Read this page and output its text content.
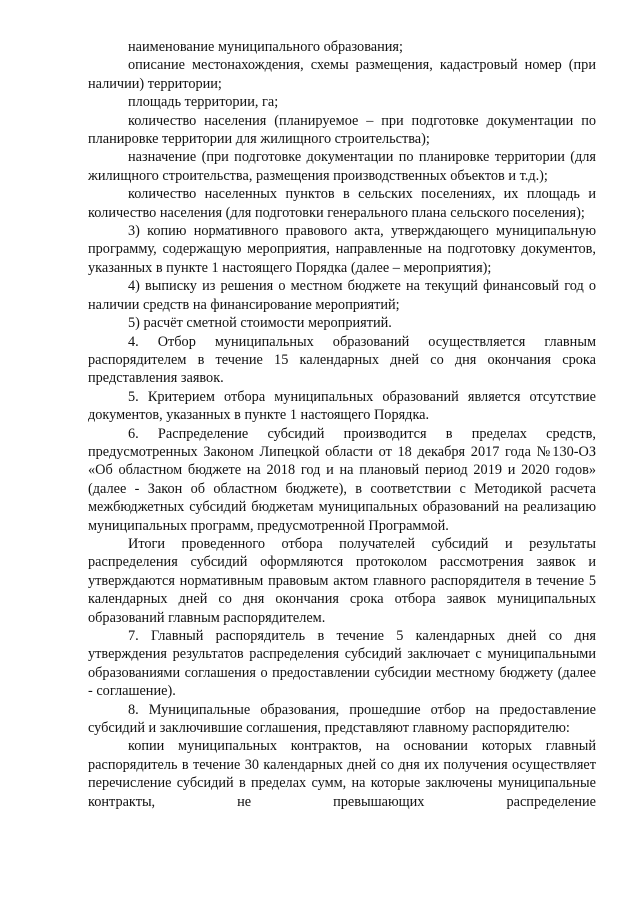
наименование муниципального образования;

описание местонахождения, схемы размещения, кадастровый номер (при наличии) территории;

площадь территории, га;

количество населения (планируемое – при подготовке документации по планировке территории для жилищного строительства);

назначение (при подготовке документации по планировке территории (для жилищного строительства, размещения производственных объектов и т.д.);

количество населенных пунктов в сельских поселениях, их площадь и количество населения (для подготовки генерального плана сельского поселения);

3) копию нормативного правового акта, утверждающего муниципальную программу, содержащую мероприятия, направленные на подготовку документов, указанных в пункте 1 настоящего Порядка (далее – мероприятия);

4) выписку из решения о местном бюджете на текущий финансовый год о наличии средств на финансирование мероприятий;

5) расчёт сметной стоимости мероприятий.

4. Отбор муниципальных образований осуществляется главным распорядителем в течение 15 календарных дней со дня окончания срока представления заявок.

5. Критерием отбора муниципальных образований является отсутствие документов, указанных в пункте 1 настоящего Порядка.

6. Распределение субсидий производится в пределах средств, предусмотренных Законом Липецкой области от 18 декабря 2017 года №130-ОЗ «Об областном бюджете на 2018 год и на плановый период 2019 и 2020 годов» (далее - Закон об областном бюджете), в соответствии с Методикой расчета межбюджетных субсидий бюджетам муниципальных образований на реализацию муниципальных программ, предусмотренной Программой.

Итоги проведенного отбора получателей субсидий и результаты распределения субсидий оформляются протоколом рассмотрения заявок и утверждаются нормативным правовым актом главного распорядителя в течение 5 календарных дней со дня окончания срока отбора заявок муниципальных образований главным распорядителем.

7. Главный распорядитель в течение 5 календарных дней со дня утверждения результатов распределения субсидий заключает с муниципальными образованиями соглашения о предоставлении субсидии местному бюджету (далее - соглашение).

8. Муниципальные образования, прошедшие отбор на предоставление субсидий и заключившие соглашения, представляют главному распорядителю:

копии муниципальных контрактов, на основании которых главный распорядитель в течение 30 календарных дней со дня их получения осуществляет перечисление субсидий в пределах сумм, на которые заключены муниципальные контракты, не превышающих распределение
